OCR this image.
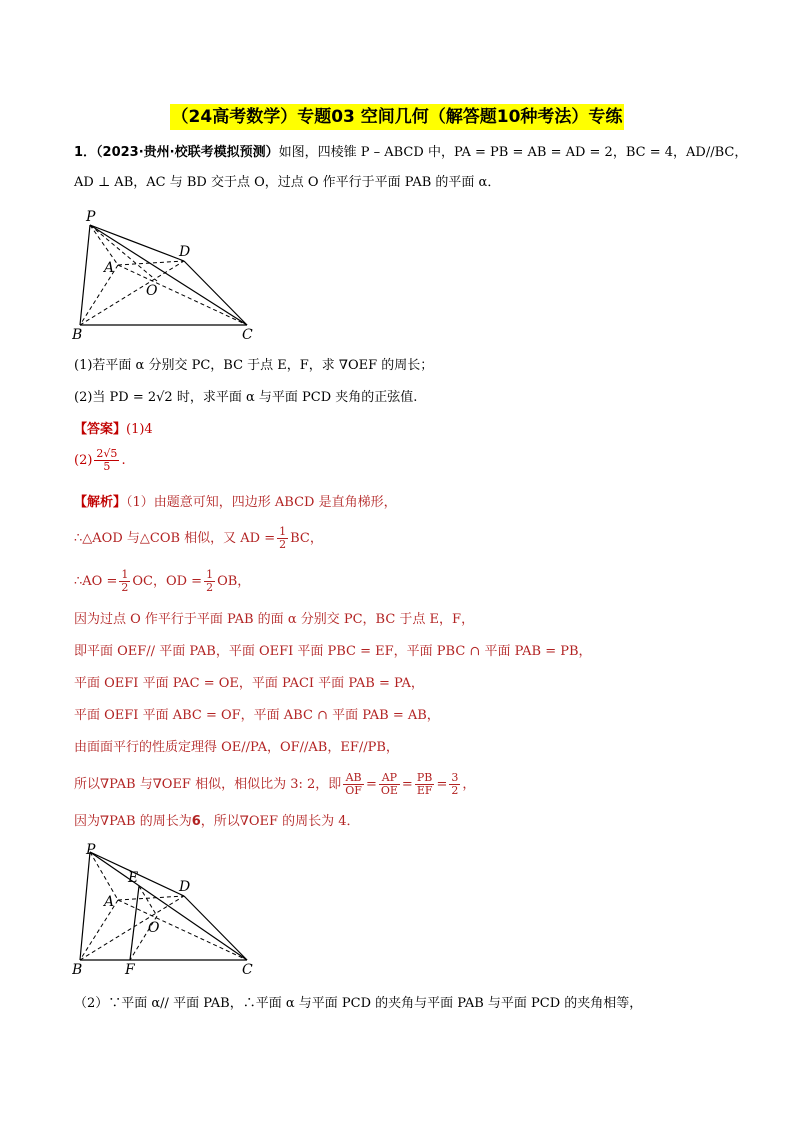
（24高考数学）专题03 空间几何（解答题10种考法）专练
1．（2023·贵州·校联考模拟预测）如图，四棱锥 P – ABCD 中，PA = PB = AB = AD = 2，BC = 4，AD//BC，
AD ⊥ AB，AC 与 BD 交于点 O，过点 O 作平行于平面 PAB 的平面 α．
P
A
D
O
B	C
(1)若平面 α 分别交 PC，BC 于点 E，F，求 ∇OEF 的周长；
(2)当 PD = 2√2 时，求平面 α 与平面 PCD 夹角的正弦值.
【答案】(1)4
$(2) \frac{2√5}{5}$ .
【解析】（1）由题意可知，四边形 ABCD 是直角梯形，
∴△AOD 与△COB 相似，又 AD = $\frac{1}{2}$ BC，
∴AO = $\frac{1}{2}$ OC，OD = $\frac{1}{2}$ OB，
因为过点 O 作平行于平面 PAB 的面 α 分别交 PC，BC 于点 E，F，
即平面 OEF// 平面 PAB，平面 OEFI 平面 PBC = EF，平面 PBC ∩ 平面 PAB = PB，
平面 OEFI 平面 PAC = OE，平面 PACI 平面 PAB = PA，
平面 OEFI 平面 ABC = OF，平面 ABC ∩ 平面 PAB = AB，
由面面平行的性质定理得 OE//PA，OF//AB，EF//PB，
所以∇PAB 与∇OEF 相似，相似比为 3: 2，即 $\frac{AB}{OF} = \frac{AP}{OE} = \frac{PB}{EF} = \frac{3}{2}$ ，
因为∇PAB 的周长为6，所以∇OEF 的周长为 4．
P
A
E
D
O
B	F	C
（2）∵平面 α// 平面 PAB，∴平面 α 与平面 PCD 的夹角与平面 PAB 与平面 PCD 的夹角相等，
